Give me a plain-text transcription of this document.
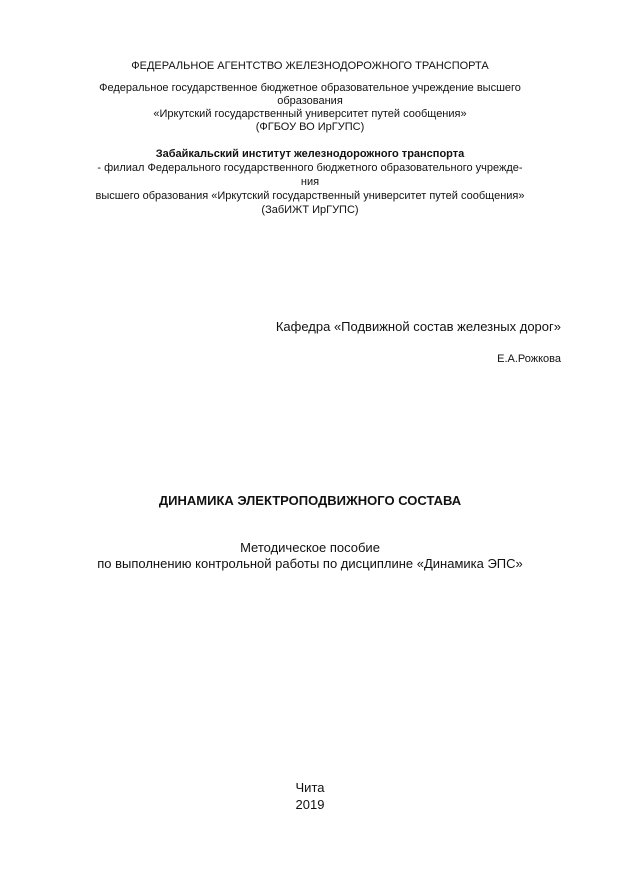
ФЕДЕРАЛЬНОЕ АГЕНТСТВО ЖЕЛЕЗНОДОРОЖНОГО ТРАНСПОРТА
Федеральное государственное бюджетное образовательное учреждение высшего
образования
«Иркутский государственный университет путей сообщения»
(ФГБОУ ВО ИрГУПС)
Забайкальский институт железнодорожного транспорта
- филиал Федерального государственного бюджетного образовательного учрежде-
ния
высшего образования «Иркутский государственный университет путей сообщения»
(ЗабИЖТ ИрГУПС)
Кафедра «Подвижной состав железных дорог»
Е.А.Рожкова
ДИНАМИКА ЭЛЕКТРОПОДВИЖНОГО СОСТАВА
Методическое пособие
по выполнению контрольной работы по дисциплине «Динамика ЭПС»
Чита
2019
